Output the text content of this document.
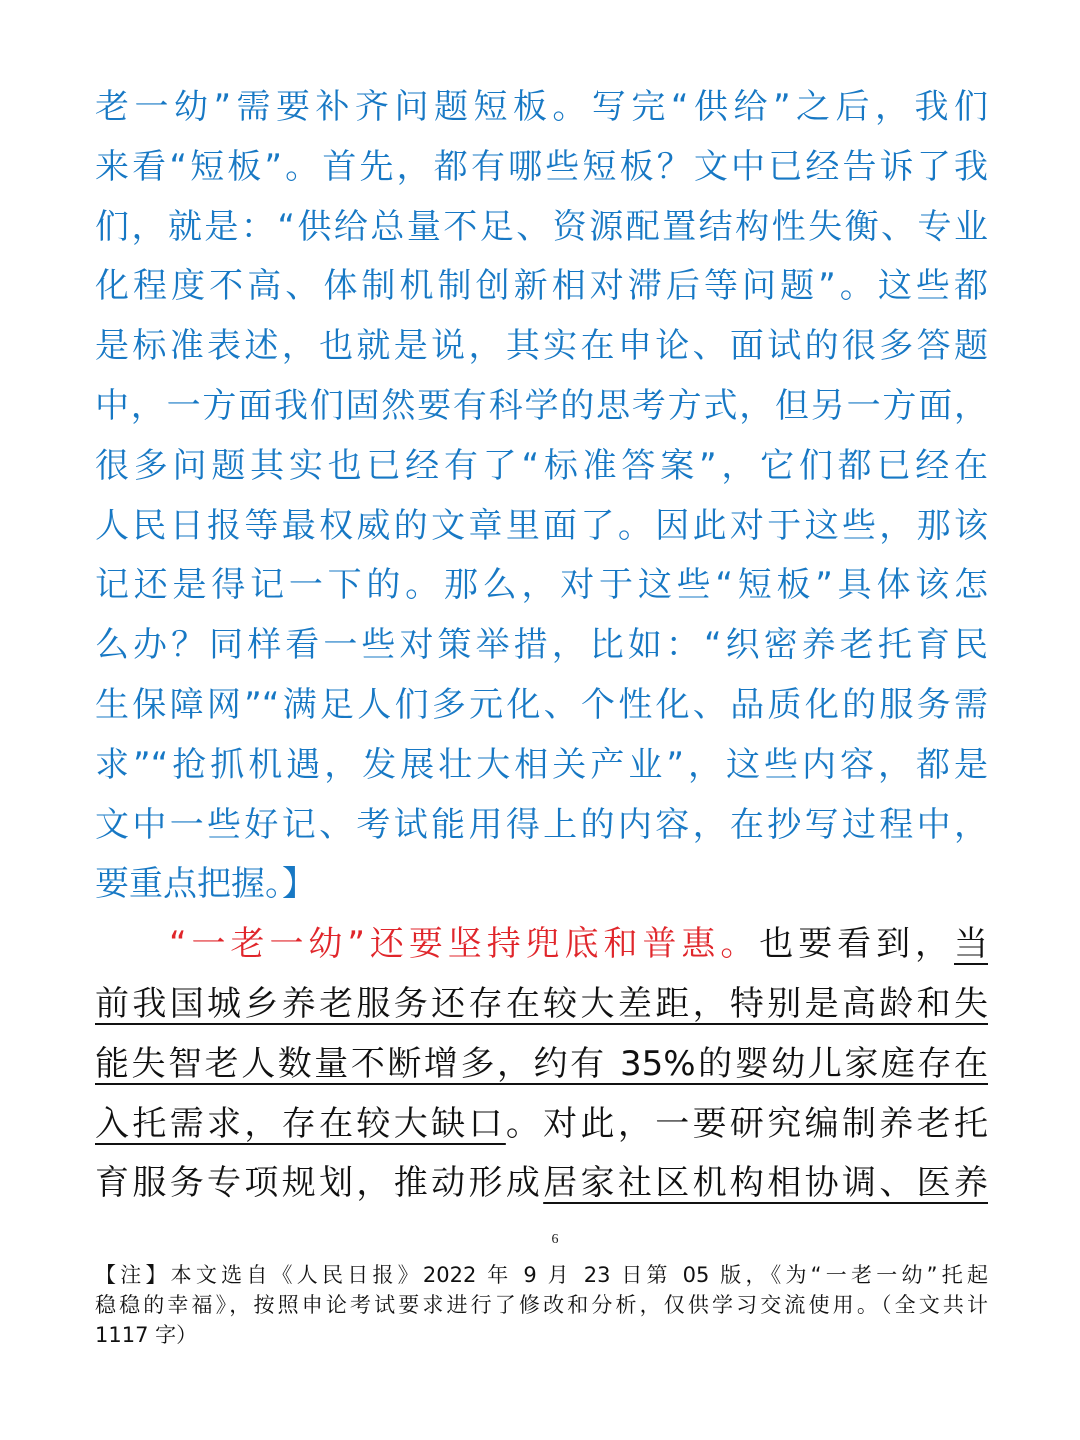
老一幼”需要补齐问题短板。写完“供给”之后，我们
来看“短板”。首先，都有哪些短板？文中已经告诉了我
们，就是：“供给总量不足、资源配置结构性失衡、专业
化程度不高、体制机制创新相对滞后等问题”。这些都
是标准表述，也就是说，其实在申论、面试的很多答题
中，一方面我们固然要有科学的思考方式，但另一方面，
很多问题其实也已经有了“标准答案”，它们都已经在
人民日报等最权威的文章里面了。因此对于这些，那该
记还是得记一下的。那么，对于这些“短板”具体该怎
么办？同样看一些对策举措，比如：“织密养老托育民
生保障网”“满足人们多元化、个性化、品质化的服务需
求”“抢抓机遇，发展壮大相关产业”，这些内容，都是
文中一些好记、考试能用得上的内容，在抄写过程中，
要重点把握。】
“一老一幼”还要坚持兜底和普惠。也要看到，当
前我国城乡养老服务还存在较大差距，特别是高龄和失
能失智老人数量不断增多，约有 35%的婴幼儿家庭存在
入托需求，存在较大缺口。对此，一要研究编制养老托
育服务专项规划，推动形成居家社区机构相协调、医养
6
【注】本文选自《人民日报》2022 年 9 月 23 日第 05 版，《为“一老一幼”托起
稳稳的幸福》，按照申论考试要求进行了修改和分析，仅供学习交流使用。（全文共计
1117 字）
